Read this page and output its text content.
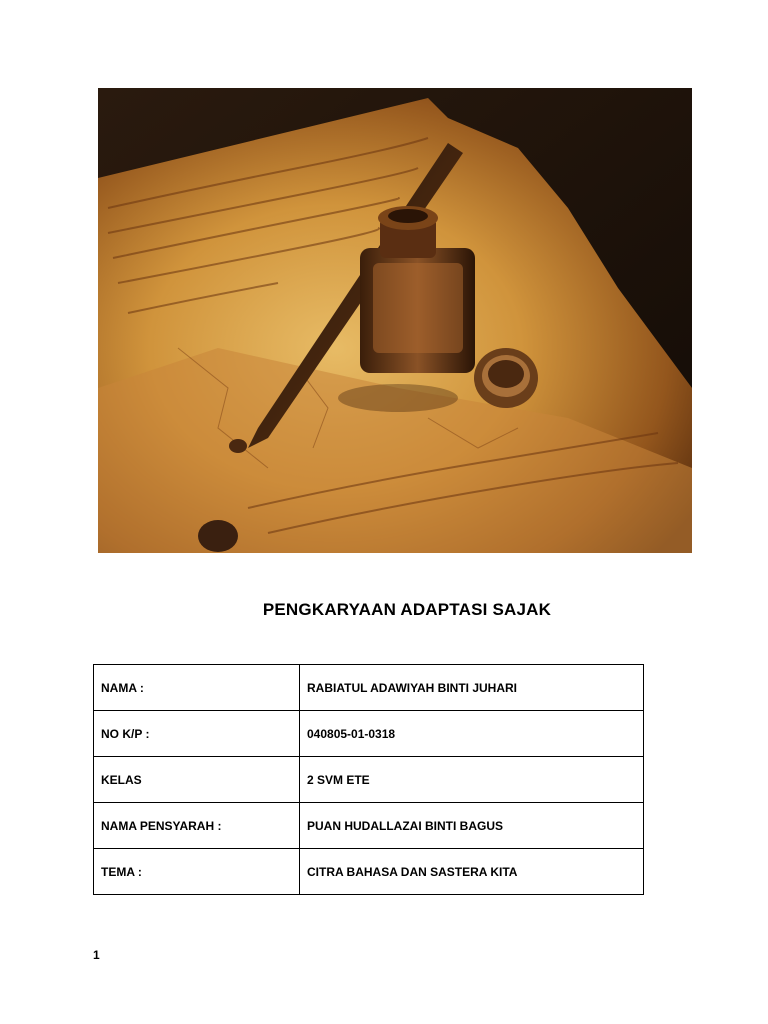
PENGKARYAAN ADAPTASI SAJAK
NAMA :	RABIATUL ADAWIYAH BINTI JUHARI
NO K/P :	040805-01-0318
KELAS	2 SVM ETE
NAMA PENSYARAH :	PUAN HUDALLAZAI BINTI BAGUS
TEMA :	CITRA BAHASA DAN SASTERA KITA
1
